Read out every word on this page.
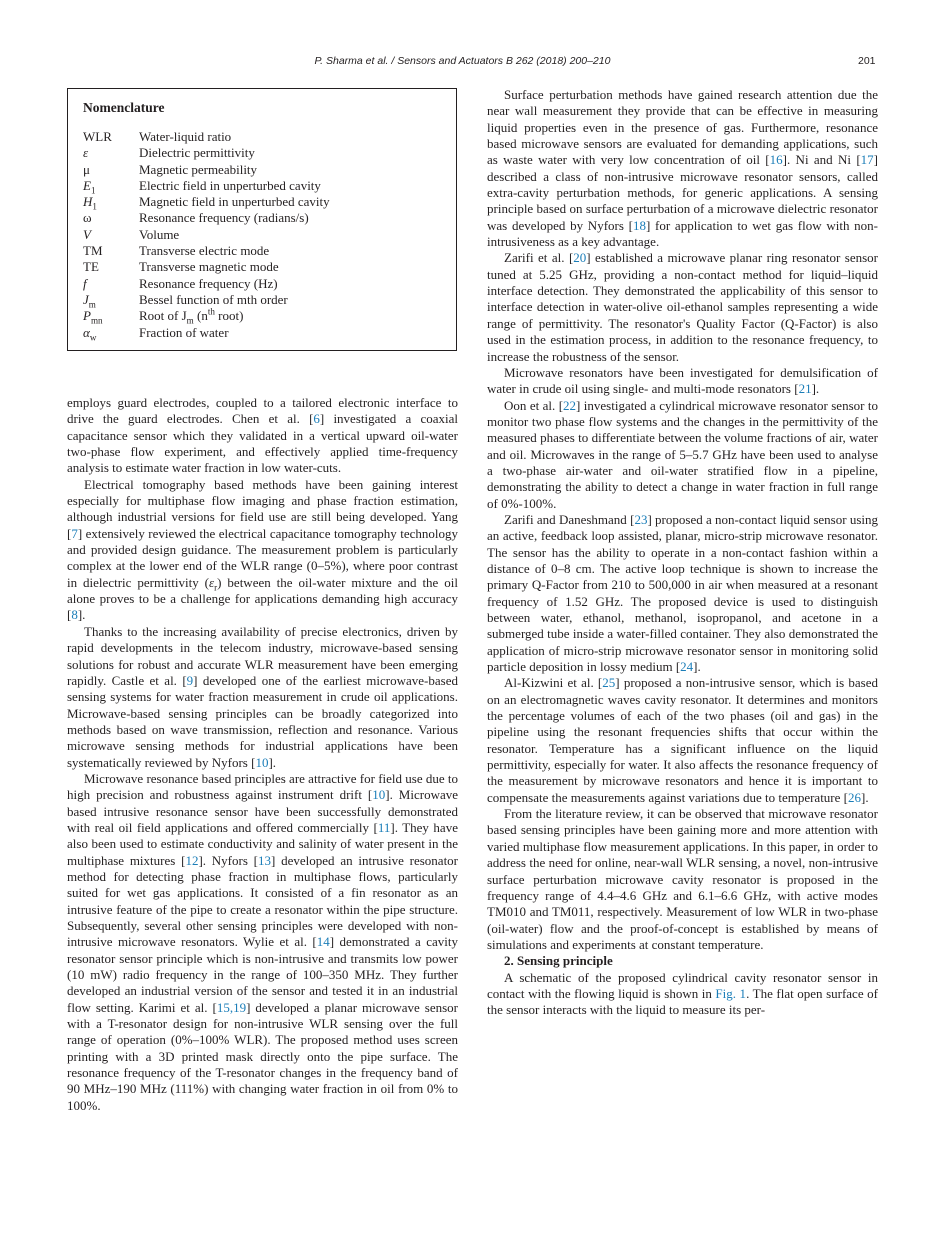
P. Sharma et al. / Sensors and Actuators B 262 (2018) 200–210	201
Nomenclature
WLR	Water-liquid ratio
ε	Dielectric permittivity
μ	Magnetic permeability
$E_1$	Electric field in unperturbed cavity
$H_1$	Magnetic field in unperturbed cavity
ω	Resonance frequency (radians/s)
V	Volume
TM	Transverse electric mode
TE	Transverse magnetic mode
f	Resonance frequency (Hz)
$J_m$	Bessel function of mth order
$P_{mn}$	Root of $J_m$ ($n^{th}$ root)
$\alpha_w$	Fraction of water

employs guard electrodes, coupled to a tailored electronic interface to drive the guard electrodes. Chen et al. [6] investigated a coaxial capacitance sensor which they validated in a vertical upward oil-water two-phase flow experiment, and effectively applied time-frequency analysis to estimate water fraction in low water-cuts.

Electrical tomography based methods have been gaining interest especially for multiphase flow imaging and phase fraction estimation, although industrial versions for field use are still being developed. Yang [7] extensively reviewed the electrical capacitance tomography technology and provided design guidance. The measurement problem is particularly complex at the lower end of the WLR range (0–5%), where poor contrast in dielectric permittivity $(\varepsilon_r)$ between the oil-water mixture and the oil alone proves to be a challenge for applications demanding high accuracy [8].

Thanks to the increasing availability of precise electronics, driven by rapid developments in the telecom industry, microwave-based sensing solutions for robust and accurate WLR measurement have been emerging rapidly. Castle et al. [9] developed one of the earliest microwave-based sensing systems for water fraction measurement in crude oil applications. Microwave-based sensing principles can be broadly categorized into methods based on wave transmission, reflection and resonance. Various microwave sensing methods for industrial applications have been systematically reviewed by Nyfors [10].

Microwave resonance based principles are attractive for field use due to high precision and robustness against instrument drift [10]. Microwave based intrusive resonance sensor have been successfully demonstrated with real oil field applications and offered commercially [11]. They have also been used to estimate conductivity and salinity of water present in the multiphase mixtures [12]. Nyfors [13] developed an intrusive resonator method for detecting phase fraction in multiphase flows, particularly suited for wet gas applications. It consisted of a fin resonator as an intrusive feature of the pipe to create a resonator within the pipe structure. Subsequently, several other sensing principles were developed with non-intrusive microwave resonators. Wylie et al. [14] demonstrated a cavity resonator sensor principle which is non-intrusive and transmits low power (10 mW) radio frequency in the range of 100–350 MHz. They further developed an industrial version of the sensor and tested it in an industrial flow setting. Karimi et al. [15,19] developed a planar microwave sensor with a T-resonator design for non-intrusive WLR sensing over the full range of operation (0%–100% WLR). The proposed method uses screen printing with a 3D printed mask directly onto the pipe surface. The resonance frequency of the T-resonator changes in the frequency band of 90 MHz–190 MHz (111%) with changing water fraction in oil from 0% to 100%.

Surface perturbation methods have gained research attention due the near wall measurement they provide that can be effective in measuring liquid properties even in the presence of gas. Furthermore, resonance based microwave sensors are evaluated for demanding applications, such as waste water with very low concentration of oil [16]. Ni and Ni [17] described a class of non-intrusive microwave resonator sensors, called extra-cavity perturbation methods, for generic applications. A sensing principle based on surface perturbation of a microwave dielectric resonator was developed by Nyfors [18] for application to wet gas flow with non-intrusiveness as a key advantage.

Zarifi et al. [20] established a microwave planar ring resonator sensor tuned at 5.25 GHz, providing a non-contact method for liquid–liquid interface detection. They demonstrated the applicability of this sensor to interface detection in water-olive oil-ethanol samples representing a wide range of permittivity. The resonator's Quality Factor (Q-Factor) is also used in the estimation process, in addition to the resonance frequency, to increase the robustness of the sensor.

Microwave resonators have been investigated for demulsification of water in crude oil using single- and multi-mode resonators [21].

Oon et al. [22] investigated a cylindrical microwave resonator sensor to monitor two phase flow systems and the changes in the permittivity of the measured phases to differentiate between the volume fractions of air, water and oil. Microwaves in the range of 5–5.7 GHz have been used to analyse a two-phase air-water and oil-water stratified flow in a pipeline, demonstrating the ability to detect a change in water fraction in full range of 0%-100%.

Zarifi and Daneshmand [23] proposed a non-contact liquid sensor using an active, feedback loop assisted, planar, micro-strip microwave resonator. The sensor has the ability to operate in a non-contact fashion within a distance of 0–8 cm. The active loop technique is shown to increase the primary Q-Factor from 210 to 500,000 in air when measured at a resonant frequency of 1.52 GHz. The proposed device is used to distinguish between water, ethanol, methanol, isopropanol, and acetone in a submerged tube inside a water-filled container. They also demonstrated the application of micro-strip microwave resonator sensor in monitoring solid particle deposition in lossy medium [24].

Al-Kizwini et al. [25] proposed a non-intrusive sensor, which is based on an electromagnetic waves cavity resonator. It determines and monitors the percentage volumes of each of the two phases (oil and gas) in the pipeline using the resonant frequencies shifts that occur within the resonator. Temperature has a significant influence on the liquid permittivity, especially for water. It also affects the resonance frequency of the measurement by microwave resonators and hence it is important to compensate the measurements against variations due to temperature [26].

From the literature review, it can be observed that microwave resonator based sensing principles have been gaining more and more attention with varied multiphase flow measurement applications. In this paper, in order to address the need for online, near-wall WLR sensing, a novel, non-intrusive surface perturbation microwave cavity resonator is proposed in the frequency range of 4.4–4.6 GHz and 6.1–6.6 GHz, with active modes TM010 and TM011, respectively. Measurement of low WLR in two-phase (oil-water) flow and the proof-of-concept is established by means of simulations and experiments at constant temperature.

2. Sensing principle

A schematic of the proposed cylindrical cavity resonator sensor in contact with the flowing liquid is shown in Fig. 1. The flat open surface of the sensor interacts with the liquid to measure its per-
